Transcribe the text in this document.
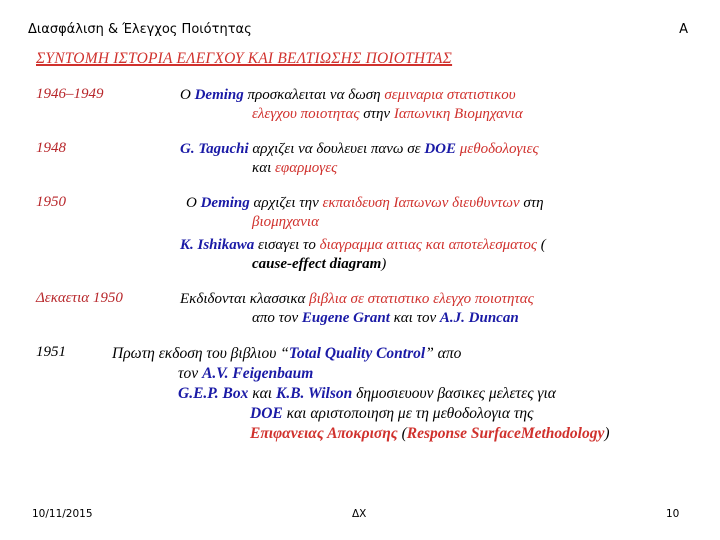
Διασφάλιση & Έλεγχος Ποιότητας	A
ΣΥΝΤΟΜΗ ΙΣΤΟΡΙΑ ΕΛΕΓΧΟΥ ΚΑΙ ΒΕΛΤΙΩΣΗΣ ΠΟΙΟΤΗΤΑΣ
1946–1949	Ο Deming προσκαλειται να δωση σεμιναρια στατιστικου
ελεγχου ποιοτητας στην Ιαπωνικη Βιομηχανια
1948	G. Taguchi αρχιζει να δουλευει πανω σε DOE μεθοδολογιες
και εφαρμογες
1950	Ο Deming αρχιζει την εκπαιδευση Ιαπωνων διευθυντων στη
βιομηχανια
K. Ishikawa εισαγει το διαγραμμα αιτιας και αποτελεσματος (
cause-effect diagram)
Δεκαετια 1950	Εκδιδονται κλασσικα βιβλια σε στατιστικο ελεγχο ποιοτητας
απο τον Eugene Grant και τον A.J. Duncan
1951	Πρωτη εκδοση του βιβλιου “Total Quality Control” απο
τον A.V. Feigenbaum
G.E.P. Box και K.B. Wilson δημοσιευουν βασικες μελετες για
DOE και αριστοποιηση με τη μεθοδολογια της
Επιφανειας Αποκρισης (Response SurfaceMethodology)
10/11/2015	ΔΧ	10
